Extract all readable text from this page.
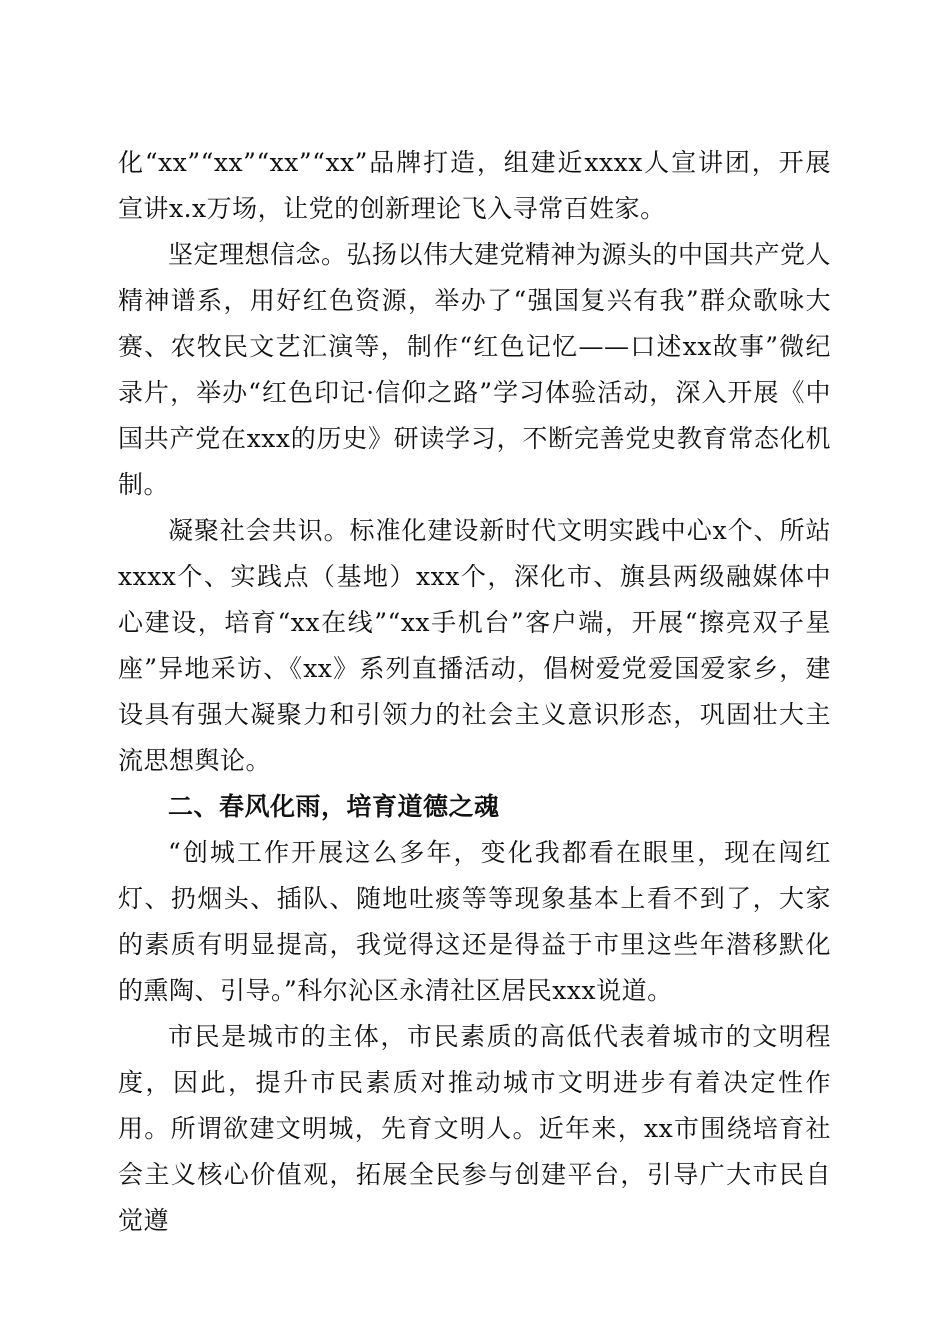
化“xx”“xx”“xx”“xx”品牌打造，组建近xxxx人宣讲团，开展宣讲x.x万场，让党的创新理论飞入寻常百姓家。

坚定理想信念。弘扬以伟大建党精神为源头的中国共产党人精神谱系，用好红色资源，举办了“强国复兴有我”群众歌咏大赛、农牧民文艺汇演等，制作“红色记忆——口述xx故事”微纪录片，举办“红色印记·信仰之路”学习体验活动，深入开展《中国共产党在xxx的历史》研读学习，不断完善党史教育常态化机制。

凝聚社会共识。标准化建设新时代文明实践中心x个、所站xxxx个、实践点（基地）xxx个，深化市、旗县两级融媒体中心建设，培育“xx在线”“xx手机台”客户端，开展“擦亮双子星座”异地采访、《xx》系列直播活动，倡树爱党爱国爱家乡，建设具有强大凝聚力和引领力的社会主义意识形态，巩固壮大主流思想舆论。

二、春风化雨，培育道德之魂

“创城工作开展这么多年，变化我都看在眼里，现在闯红灯、扔烟头、插队、随地吐痰等等现象基本上看不到了，大家的素质有明显提高，我觉得这还是得益于市里这些年潜移默化的熏陶、引导。”科尔沁区永清社区居民xxx说道。

市民是城市的主体，市民素质的高低代表着城市的文明程度，因此，提升市民素质对推动城市文明进步有着决定性作用。所谓欲建文明城，先育文明人。近年来，xx市围绕培育社会主义核心价值观，拓展全民参与创建平台，引导广大市民自觉遵
